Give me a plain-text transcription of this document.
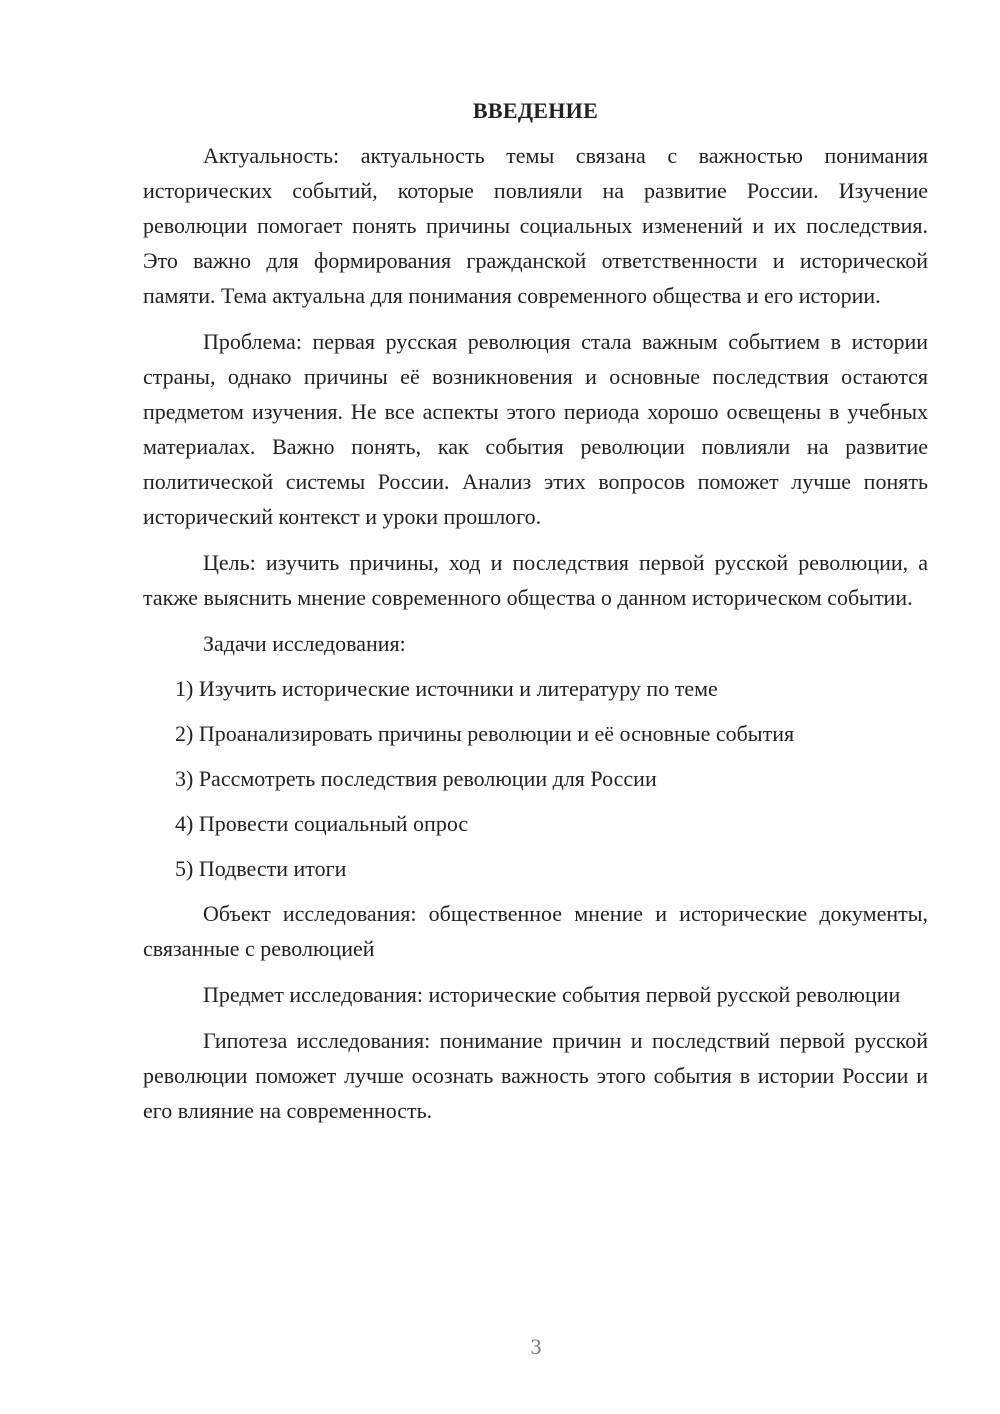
ВВЕДЕНИЕ

Актуальность: актуальность темы связана с важностью понимания исторических событий, которые повлияли на развитие России. Изучение революции помогает понять причины социальных изменений и их последствия. Это важно для формирования гражданской ответственности и исторической памяти. Тема актуальна для понимания современного общества и его истории.

Проблема: первая русская революция стала важным событием в истории страны, однако причины её возникновения и основные последствия остаются предметом изучения. Не все аспекты этого периода хорошо освещены в учебных материалах. Важно понять, как события революции повлияли на развитие политической системы России. Анализ этих вопросов поможет лучше понять исторический контекст и уроки прошлого.

Цель: изучить причины, ход и последствия первой русской революции, а также выяснить мнение современного общества о данном историческом событии.

Задачи исследования:

1) Изучить исторические источники и литературу по теме
2) Проанализировать причины революции и её основные события
3) Рассмотреть последствия революции для России
4) Провести социальный опрос
5) Подвести итоги

Объект исследования: общественное мнение и исторические документы, связанные с революцией

Предмет исследования: исторические события первой русской революции

Гипотеза исследования: понимание причин и последствий первой русской революции поможет лучше осознать важность этого события в истории России и его влияние на современность.

3
